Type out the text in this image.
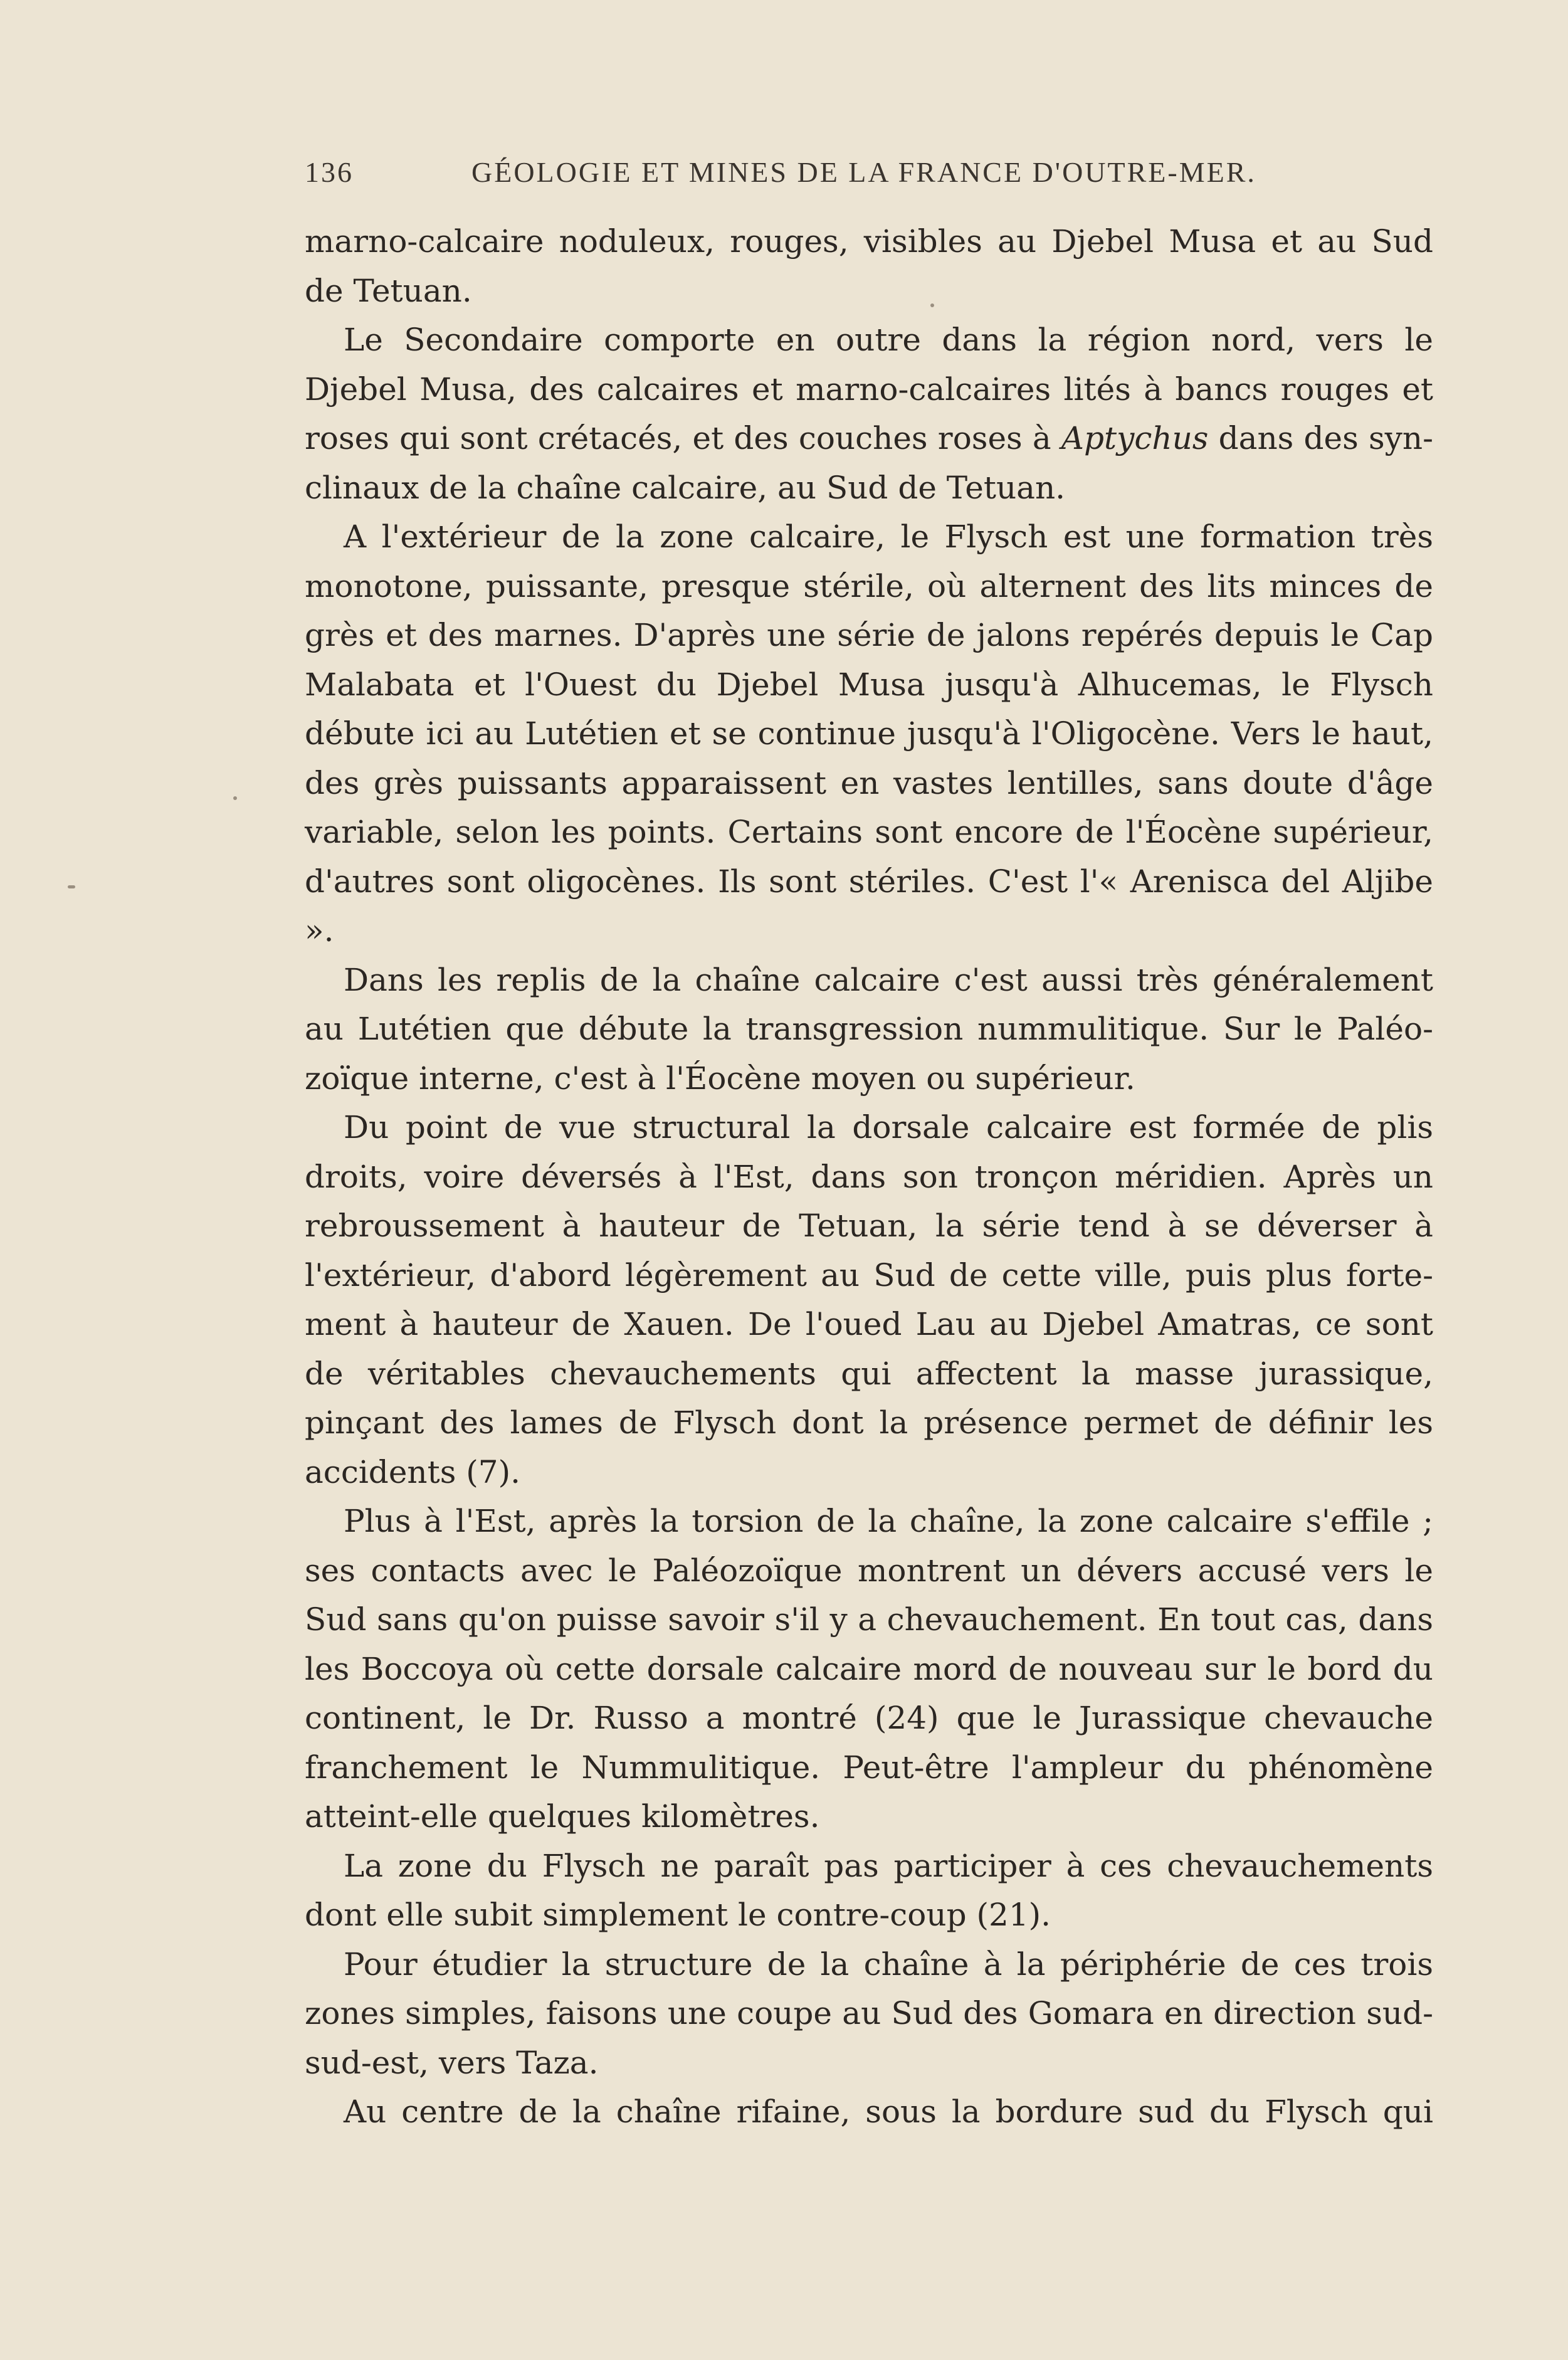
136	GÉOLOGIE ET MINES DE LA FRANCE D'OUTRE-MER.

marno-calcaire noduleux, rouges, visibles au Djebel Musa et au Sud de Tetuan.

Le Secondaire comporte en outre dans la région nord, vers le Djebel Musa, des calcaires et marno-calcaires lités à bancs rouges et roses qui sont crétacés, et des couches roses à Aptychus dans des synclinaux de la chaîne calcaire, au Sud de Tetuan.

A l'extérieur de la zone calcaire, le Flysch est une formation très monotone, puissante, presque stérile, où alternent des lits minces de grès et des marnes. D'après une série de jalons repérés depuis le Cap Malabata et l'Ouest du Djebel Musa jusqu'à Alhucemas, le Flysch débute ici au Lutétien et se continue jusqu'à l'Oligocène. Vers le haut, des grès puissants apparaissent en vastes lentilles, sans doute d'âge variable, selon les points. Certains sont encore de l'Éocène supérieur, d'autres sont oligocènes. Ils sont stériles. C'est l'« Arenisca del Aljibe ».

Dans les replis de la chaîne calcaire c'est aussi très généralement au Lutétien que débute la transgression nummulitique. Sur le Paléozoïque interne, c'est à l'Éocène moyen ou supérieur.

Du point de vue structural la dorsale calcaire est formée de plis droits, voire déversés à l'Est, dans son tronçon méridien. Après un rebroussement à hauteur de Tetuan, la série tend à se déverser à l'extérieur, d'abord légèrement au Sud de cette ville, puis plus fortement à hauteur de Xauen. De l'oued Lau au Djebel Amatras, ce sont de véritables chevauchements qui affectent la masse jurassique, pinçant des lames de Flysch dont la présence permet de définir les accidents (7).

Plus à l'Est, après la torsion de la chaîne, la zone calcaire s'effile ; ses contacts avec le Paléozoïque montrent un dévers accusé vers le Sud sans qu'on puisse savoir s'il y a chevauchement. En tout cas, dans les Boccoya où cette dorsale calcaire mord de nouveau sur le bord du continent, le Dr. Russo a montré (24) que le Jurassique chevauche franchement le Nummulitique. Peut-être l'ampleur du phénomène atteint-elle quelques kilomètres.

La zone du Flysch ne paraît pas participer à ces chevauchements dont elle subit simplement le contre-coup (21).

Pour étudier la structure de la chaîne à la périphérie de ces trois zones simples, faisons une coupe au Sud des Gomara en direction sud-sud-est, vers Taza.

Au centre de la chaîne rifaine, sous la bordure sud du Flysch qui
